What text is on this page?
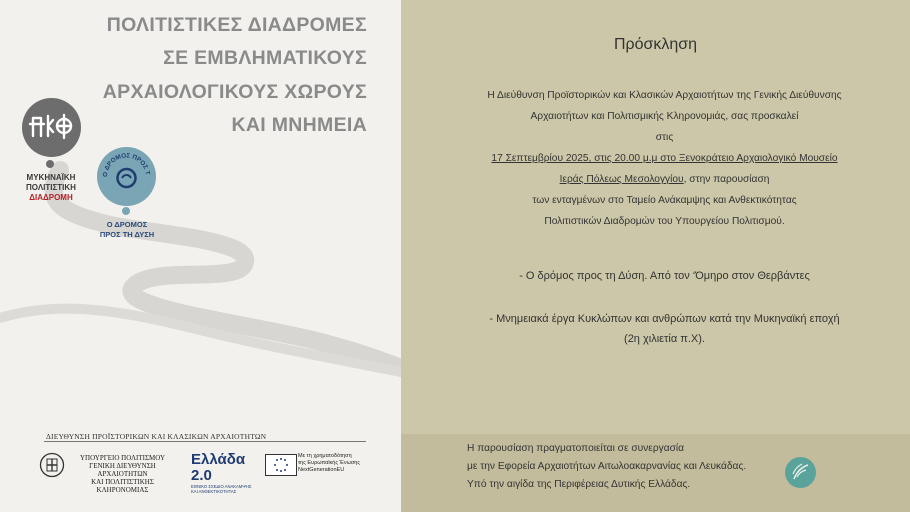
ΠΟΛΙΤΙΣΤΙΚΕΣ ΔΙΑΔΡΟΜΕΣ
ΣΕ ΕΜΒΛΗΜΑΤΙΚΟΥΣ
ΑΡΧΑΙΟΛΟΓΙΚΟΥΣ ΧΩΡΟΥΣ
ΚΑΙ ΜΝΗΜΕΙΑ
ΜΥΚΗΝΑΪΚΗ
ΠΟΛΙΤΙΣΤΙΚΗ
ΔΙΑΔΡΟΜΗ
Ο ΔΡΟΜΟΣ ΠΡΟΣ Τ
Ο ΔΡΟΜΟΣ
ΠΡΟΣ ΤΗ ΔΥΣΗ
ΔΙΕΥΘΥΝΣΗ ΠΡΟΪΣΤΟΡΙΚΩΝ ΚΑΙ ΚΛΑΣΙΚΩΝ ΑΡΧΑΙΟΤΗΤΩΝ
ΥΠΟΥΡΓΕΙΟ ΠΟΛΙΤΙΣΜΟΥ
ΓΕΝΙΚΗ ΔΙΕΥΘΥΝΣΗ ΑΡΧΑΙΟΤΗΤΩΝ
ΚΑΙ ΠΟΛΙΤΙΣΤΙΚΗΣ ΚΛΗΡΟΝΟΜΙΑΣ
Ελλάδα 2.0
ΕΘΝΙΚΟ ΣΧΕΔΙΟ ΑΝΑΚΑΜΨΗΣ
ΚΑΙ ΑΝΘΕΚΤΙΚΟΤΗΤΑΣ
Με τη χρηματοδότηση
της Ευρωπαϊκής Ένωσης
NextGenerationEU
Πρόσκληση
Η Διεύθυνση Προϊστορικών και Κλασικών Αρχαιοτήτων της Γενικής Διεύθυνσης
Αρχαιοτήτων και Πολιτισμικής Κληρονομιάς, σας προσκαλεί
στις
17 Σεπτεμβρίου 2025, στις 20.00 μ.μ στο Ξενοκράτειο Αρχαιολογικό Μουσείο
Ιεράς Πόλεως Μεσολογγίου, στην παρουσίαση
των ενταγμένων στο Ταμείο Ανάκαμψης και Ανθεκτικότητας
Πολιτιστικών Διαδρομών του Υπουργείου Πολιτισμού.
- Ο δρόμος προς τη Δύση. Από τον ‘Όμηρο στον Θερβάντες
- Μνημειακά έργα Κυκλώπων και ανθρώπων κατά την Μυκηναϊκή εποχή
(2η χιλιετία π.Χ).
Η παρουσίαση πραγματοποιείται σε συνεργασία
με την Εφορεία Αρχαιοτήτων Αιτωλοακαρνανίας και Λευκάδας.
Υπό την αιγίδα της Περιφέρειας Δυτικής Ελλάδας.
